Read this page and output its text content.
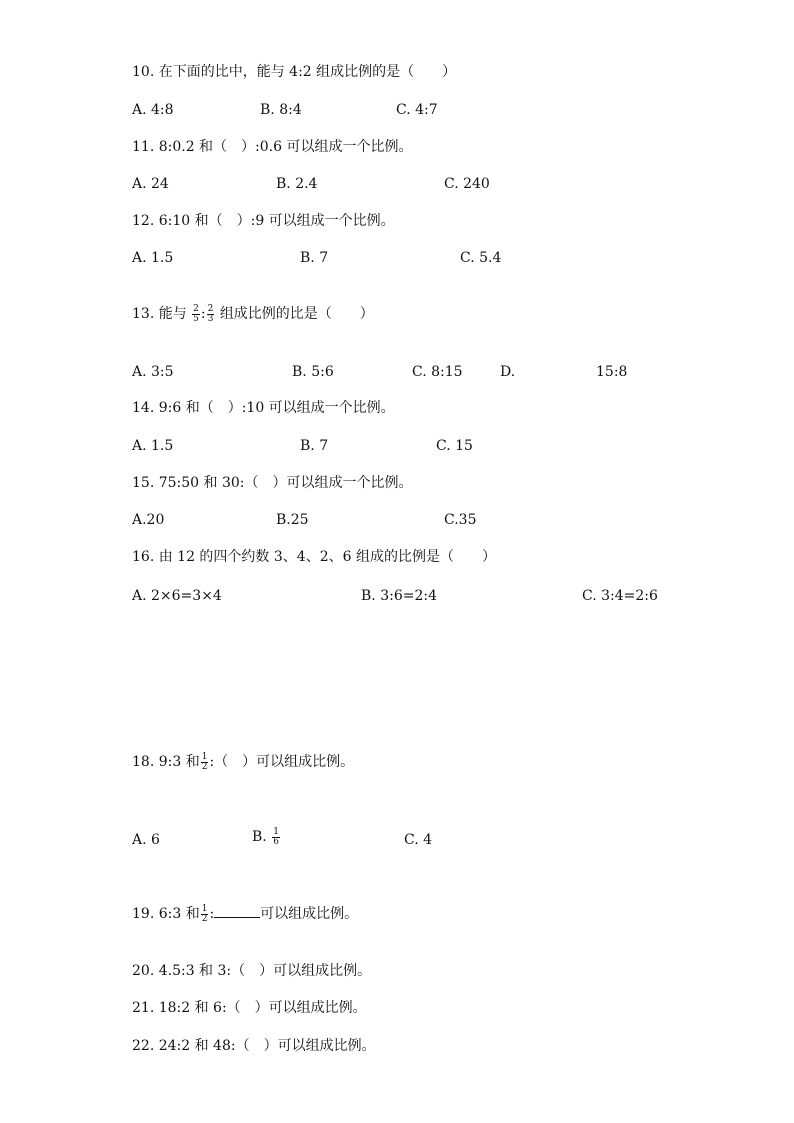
10. 在下面的比中，能与 4:2 组成比例的是（　　）
A. 4:8	B. 8:4	C. 4:7
11. 8:0.2 和（　）:0.6 可以组成一个比例。
A. 24	B. 2.4	C. 240
12. 6:10 和（　）:9 可以组成一个比例。
A. 1.5	B. 7	C. 5.4
13. 能与 $\frac{2}{5}$ : $\frac{2}{3}$ 组成比例的比是（　　）
A. 3:5	B. 5:6	C. 8:15	D.	15:8
14. 9:6 和（　）:10 可以组成一个比例。
A. 1.5	B. 7	C. 15
15. 75:50 和 30:（　）可以组成一个比例。
A.20	B.25	C.35
16. 由 12 的四个约数 3、4、2、6 组成的比例是（　　）
A. 2×6=3×4	B. 3:6=2:4	C. 3:4=2:6
18. 9:3 和 $\frac{1}{2}$ :（　）可以组成比例。
A. 6	B. $\frac{1}{6}$	C. 4
19. 6:3 和 $\frac{1}{2}$ :	可以组成比例。
20. 4.5:3 和 3:（　）可以组成比例。
21. 18:2 和 6:（　）可以组成比例。
22. 24:2 和 48:（　）可以组成比例。
